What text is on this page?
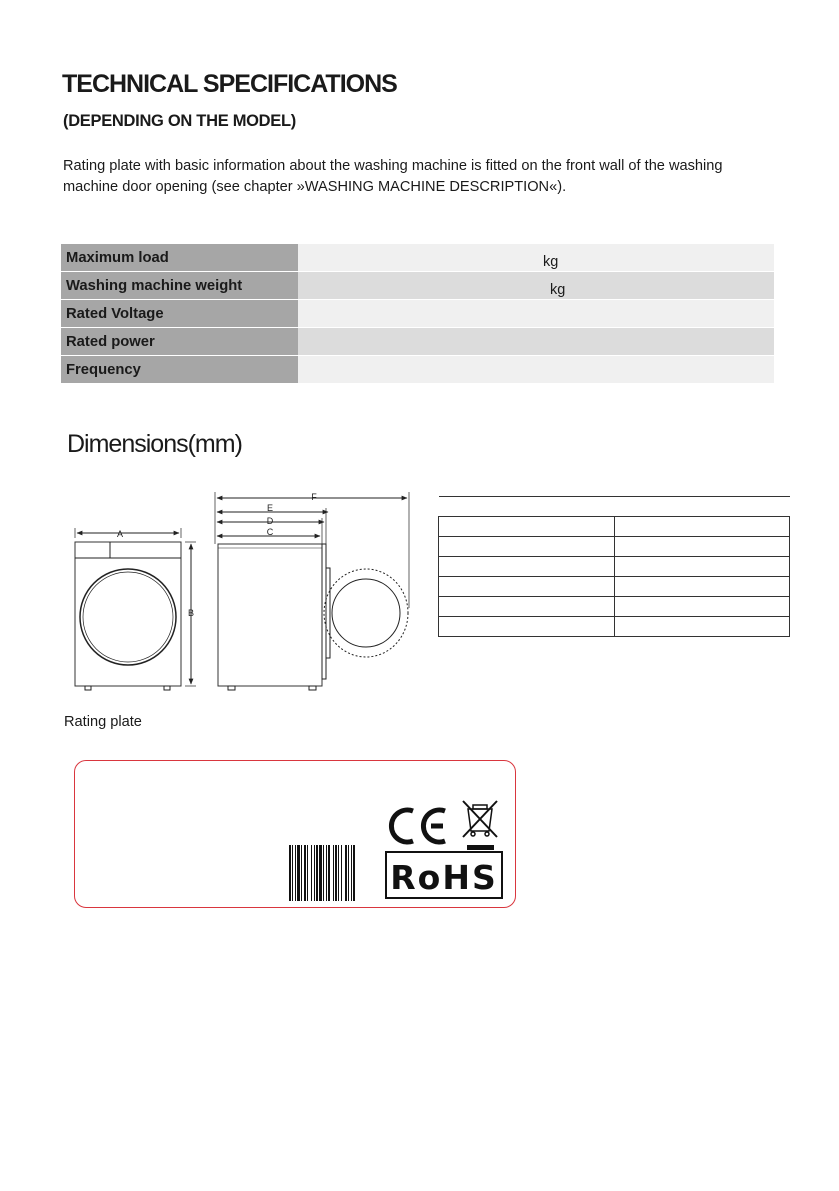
TECHNICAL SPECIFICATIONS
(DEPENDING ON THE MODEL)

Rating plate with basic information about the washing machine is fitted on the front wall of the washing machine door opening (see chapter »WASHING MACHINE DESCRIPTION«).

Maximum load	kg
Washing machine weight	kg
Rated Voltage	
Rated power	
Frequency	
Dimensions(mm)
A
B
F
E
D
C

Rating plate

RoHS
